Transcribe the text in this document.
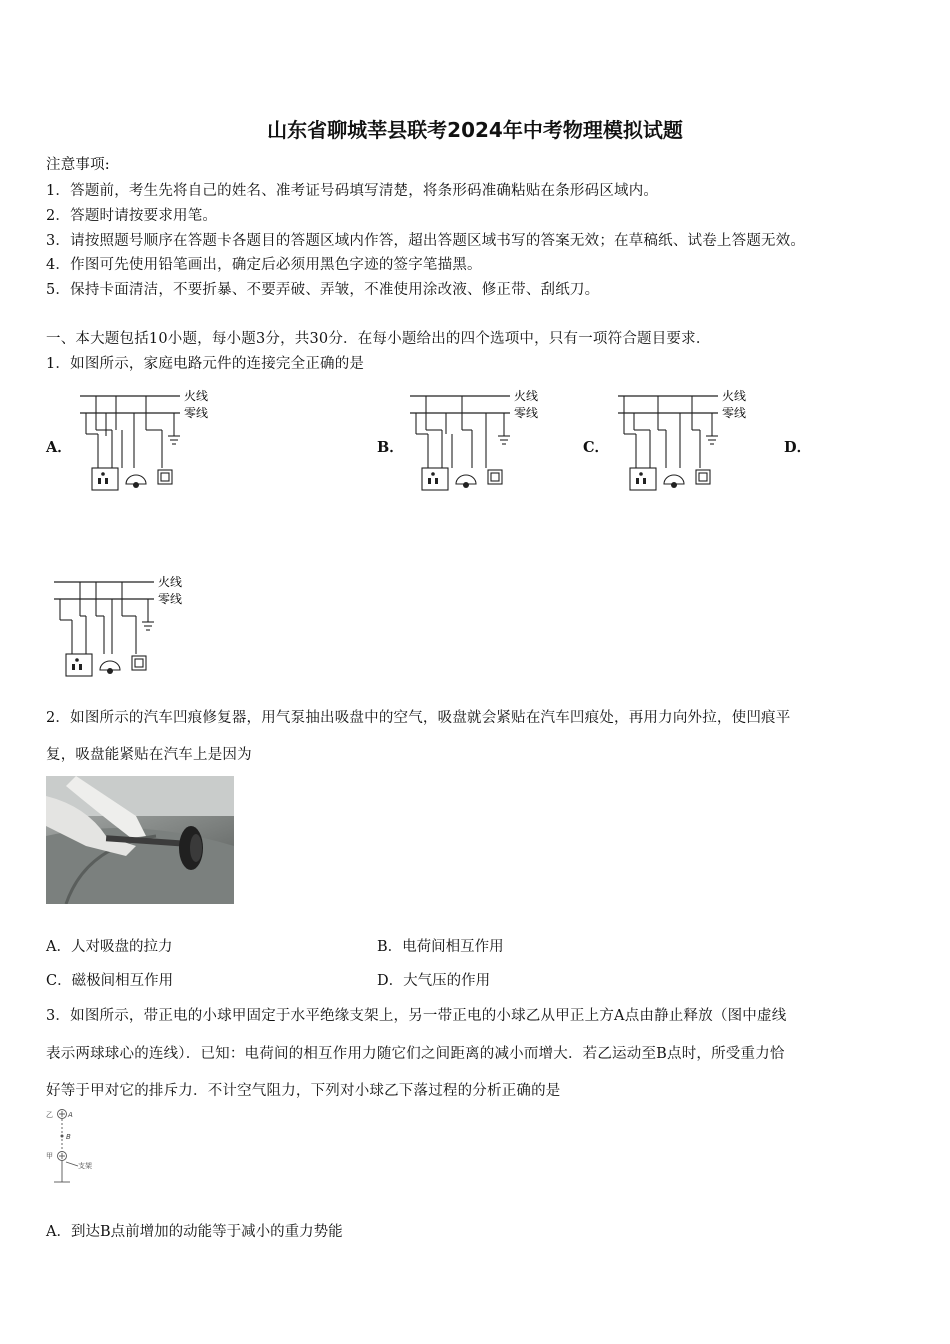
山东省聊城莘县联考2024年中考物理模拟试题
注意事项:
1．答题前，考生先将自己的姓名、准考证号码填写清楚，将条形码准确粘贴在条形码区域内。
2．答题时请按要求用笔。
3．请按照题号顺序在答题卡各题目的答题区域内作答，超出答题区域书写的答案无效；在草稿纸、试卷上答题无效。
4．作图可先使用铅笔画出，确定后必须用黑色字迹的签字笔描黑。
5．保持卡面清洁，不要折暴、不要弄破、弄皱，不准使用涂改液、修正带、刮纸刀。
一、本大题包括10小题，每小题3分，共30分．在每小题给出的四个选项中，只有一项符合题目要求．
1．如图所示，家庭电路元件的连接完全正确的是
A．	B．	C．	D．
火线
零线
火线
零线
火线
零线
火线
零线
2．如图所示的汽车凹痕修复器，用气泵抽出吸盘中的空气，吸盘就会紧贴在汽车凹痕处，再用力向外拉，使凹痕平
复，吸盘能紧贴在汽车上是因为
A．人对吸盘的拉力	B．电荷间相互作用
C．磁极间相互作用	D．大气压的作用
3．如图所示，带正电的小球甲固定于水平绝缘支架上，另一带正电的小球乙从甲正上方A点由静止释放（图中虚线
表示两球球心的连线）．已知：电荷间的相互作用力随它们之间距离的减小而增大．若乙运动至B点时，所受重力恰
好等于甲对它的排斥力．不计空气阻力，下列对小球乙下落过程的分析正确的是
乙 A
B
甲
支架
A．到达B点前增加的动能等于减小的重力势能
